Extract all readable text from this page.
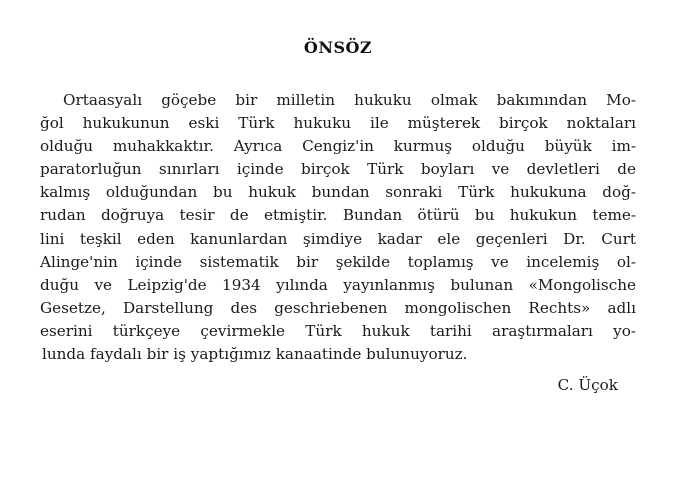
ÖNSÖZ
Ortaasyalı göçebe bir milletin hukuku olmak bakımından Mo-
ğol hukukunun eski Türk hukuku ile müşterek birçok noktaları
olduğu muhakkaktır. Ayrıca Cengiz'in kurmuş olduğu büyük im-
paratorluğun sınırları içinde birçok Türk boyları ve devletleri de
kalmış olduğundan bu hukuk bundan sonraki Türk hukukuna doğ-
rudan doğruya tesir de etmiştir. Bundan ötürü bu hukukun teme-
lini teşkil eden kanunlardan şimdiye kadar ele geçenleri Dr. Curt
Alinge'nin içinde sistematik bir şekilde toplamış ve incelemiş ol-
duğu ve Leipzig'de 1934 yılında yayınlanmış bulunan «Mongolische
Gesetze, Darstellung des geschriebenen mongolischen Rechts» adlı
eserini türkçeye çevirmekle Türk hukuk tarihi araştırmaları yo-
lunda faydalı bir iş yaptığımız kanaatinde bulunuyoruz.
C. Üçok
